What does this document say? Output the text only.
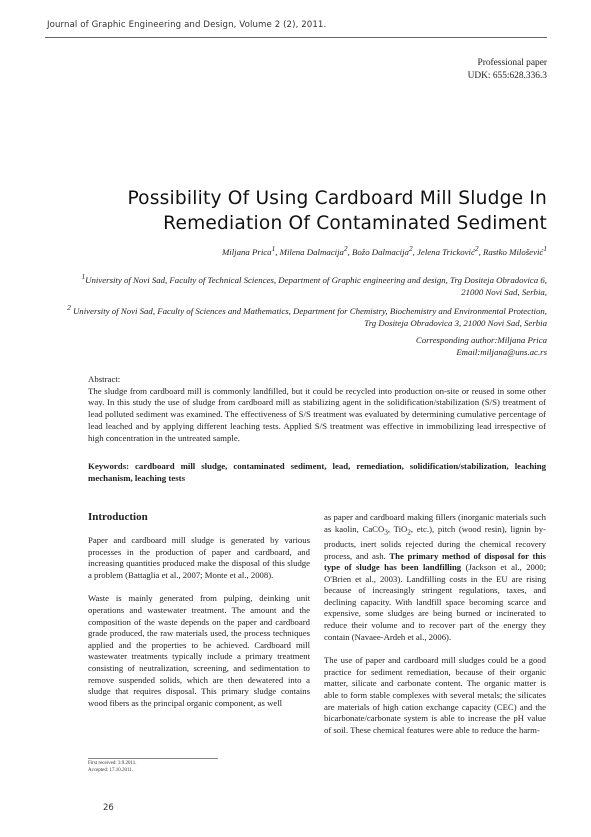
Journal of Graphic Engineering and Design, Volume 2 (2), 2011.
Professional paper
UDK: 655:628.336.3
Possibility Of Using Cardboard Mill Sludge In
Remediation Of Contaminated Sediment
Miljana Prica$^1$, Milena Dalmacija$^2$, Božo Dalmacija$^2$, Jelena Tricković$^2$, Rastko Milošević$^1$

$^1$University of Novi Sad, Faculty of Technical Sciences, Department of Graphic engineering and design, Trg Dositeja Obradovica 6, 21000 Novi Sad, Serbia,

$^2$ University of Novi Sad, Faculty of Sciences and Mathematics, Department for Chemistry, Biochemistry and Environmental Protection, Trg Dositeja Obradovica 3, 21000 Novi Sad, Serbia

Corresponding author:Miljana Prica
Email:miljana@uns.ac.rs

Abstract:

The sludge from cardboard mill is commonly landfilled, but it could be recycled into production on-site or reused in some other way. In this study the use of sludge from cardboard mill as stabilizing agent in the solidification/stabilization (S/S) treatment of lead polluted sediment was examined. The effectiveness of S/S treatment was evaluated by determining cumulative percentage of lead leached and by applying different leaching tests. Applied S/S treatment was effective in immobilizing lead irrespective of high concentration in the untreated sample.

Keywords: cardboard mill sludge, contaminated sediment, lead, remediation, solidification/stabilization, leaching mechanism, leaching tests

Introduction

Paper and cardboard mill sludge is generated by various processes in the production of paper and cardboard, and increasing quantities produced make the disposal of this sludge a problem (Battaglia et al., 2007; Monte et al., 2008).

Waste is mainly generated from pulping, deinking unit operations and wastewater treatment. The amount and the composition of the waste depends on the paper and cardboard grade produced, the raw materials used, the process techniques applied and the properties to be achieved. Cardboard mill wastewater treatments typically include a primary treatment consisting of neutralization, screening, and sedimentation to remove suspended solids, which are then dewatered into a sludge that requires disposal. This primary sludge contains wood fibers as the principal organic component, as well

as paper and cardboard making fillers (inorganic materials such as kaolin, CaCO$_3$, TiO$_2$, etc.), pitch (wood resin), lignin by-products, inert solids rejected during the chemical recovery process, and ash. The primary method of disposal for this type of sludge has been landfilling (Jackson et al., 2000; O'Brien et al., 2003). Landfilling costs in the EU are rising because of increasingly stringent regulations, taxes, and declining capacity. With landfill space becoming scarce and expensive, some sludges are being burned or incinerated to reduce their volume and to recover part of the energy they contain (Navaee-Ardeh et al., 2006).

The use of paper and cardboard mill sludges could be a good practice for sediment remediation, because of their organic matter, silicate and carbonate content. The organic matter is able to form stable complexes with several metals; the silicates are materials of high cation exchange capacity (CEC) and the bicarbonate/carbonate system is able to increase the pH value of soil. These chemical features were able to reduce the harm-

First received: 3.9.2011.
Accepted: 17.10.2011.
26
